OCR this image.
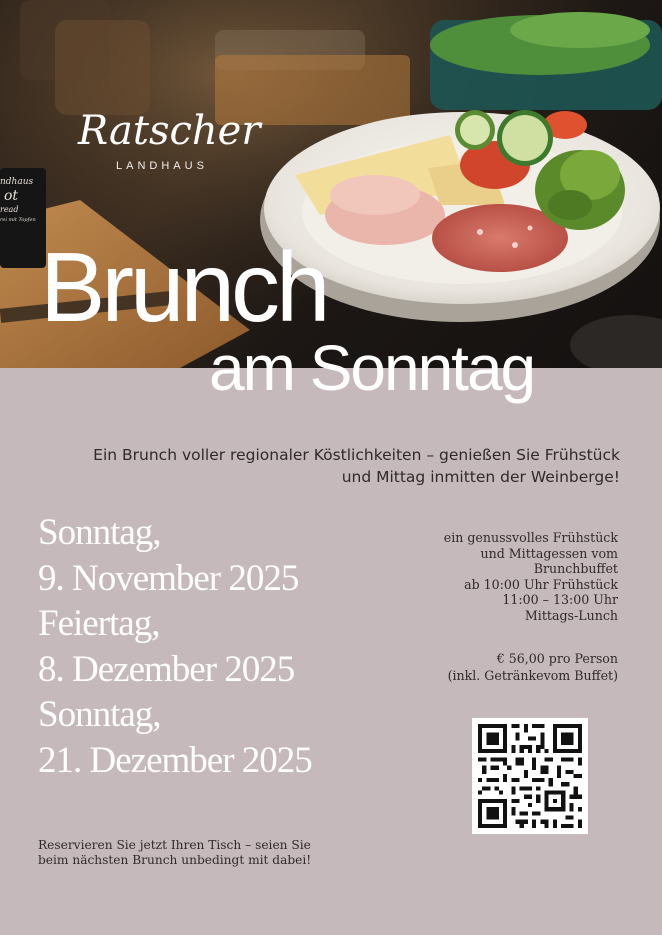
ndhaus
ot
read
rei mit Topfen
Ratscher
LANDHAUS
Brunch
am Sonntag
Ein Brunch voller regionaler Köstlichkeiten – genießen Sie Frühstück
und Mittag inmitten der Weinberge!
Sonntag,
9. November 2025
Feiertag,
8. Dezember 2025
Sonntag,
21. Dezember 2025
ein genussvolles Frühstück
und Mittagessen vom
Brunchbuffet
ab 10:00 Uhr Frühstück
11:00 – 13:00 Uhr
Mittags-Lunch
€ 56,00 pro Person
(inkl. Getränkevom Buffet)
Reservieren Sie jetzt Ihren Tisch – seien Sie beim nächsten Brunch unbedingt mit dabei!
